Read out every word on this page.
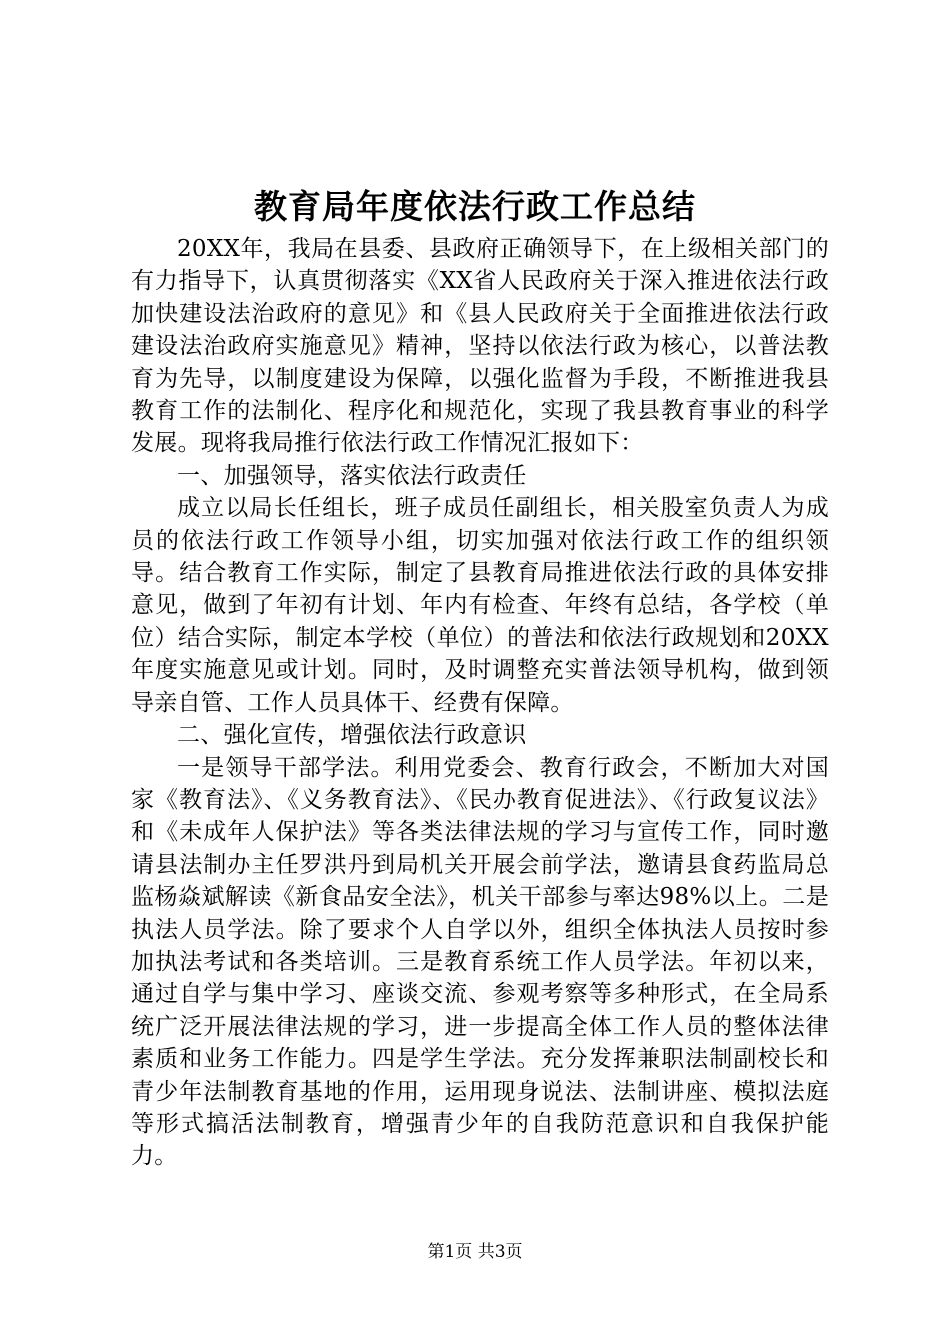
教育局年度依法行政工作总结

20XX年，我局在县委、县政府正确领导下，在上级相关部门的有力指导下，认真贯彻落实《XX省人民政府关于深入推进依法行政加快建设法治政府的意见》和《县人民政府关于全面推进依法行政建设法治政府实施意见》精神，坚持以依法行政为核心，以普法教育为先导，以制度建设为保障，以强化监督为手段，不断推进我县教育工作的法制化、程序化和规范化，实现了我县教育事业的科学发展。现将我局推行依法行政工作情况汇报如下：

一、加强领导，落实依法行政责任

成立以局长任组长，班子成员任副组长，相关股室负责人为成员的依法行政工作领导小组，切实加强对依法行政工作的组织领导。结合教育工作实际，制定了县教育局推进依法行政的具体安排意见，做到了年初有计划、年内有检查、年终有总结，各学校（单位）结合实际，制定本学校（单位）的普法和依法行政规划和20XX年度实施意见或计划。同时，及时调整充实普法领导机构，做到领导亲自管、工作人员具体干、经费有保障。

二、强化宣传，增强依法行政意识

一是领导干部学法。利用党委会、教育行政会，不断加大对国家《教育法》、《义务教育法》、《民办教育促进法》、《行政复议法》和《未成年人保护法》等各类法律法规的学习与宣传工作，同时邀请县法制办主任罗洪丹到局机关开展会前学法，邀请县食药监局总监杨焱斌解读《新食品安全法》，机关干部参与率达98%以上。二是执法人员学法。除了要求个人自学以外，组织全体执法人员按时参加执法考试和各类培训。三是教育系统工作人员学法。年初以来，通过自学与集中学习、座谈交流、参观考察等多种形式，在全局系统广泛开展法律法规的学习，进一步提高全体工作人员的整体法律素质和业务工作能力。四是学生学法。充分发挥兼职法制副校长和青少年法制教育基地的作用，运用现身说法、法制讲座、模拟法庭等形式搞活法制教育，增强青少年的自我防范意识和自我保护能力。

第1页 共3页
